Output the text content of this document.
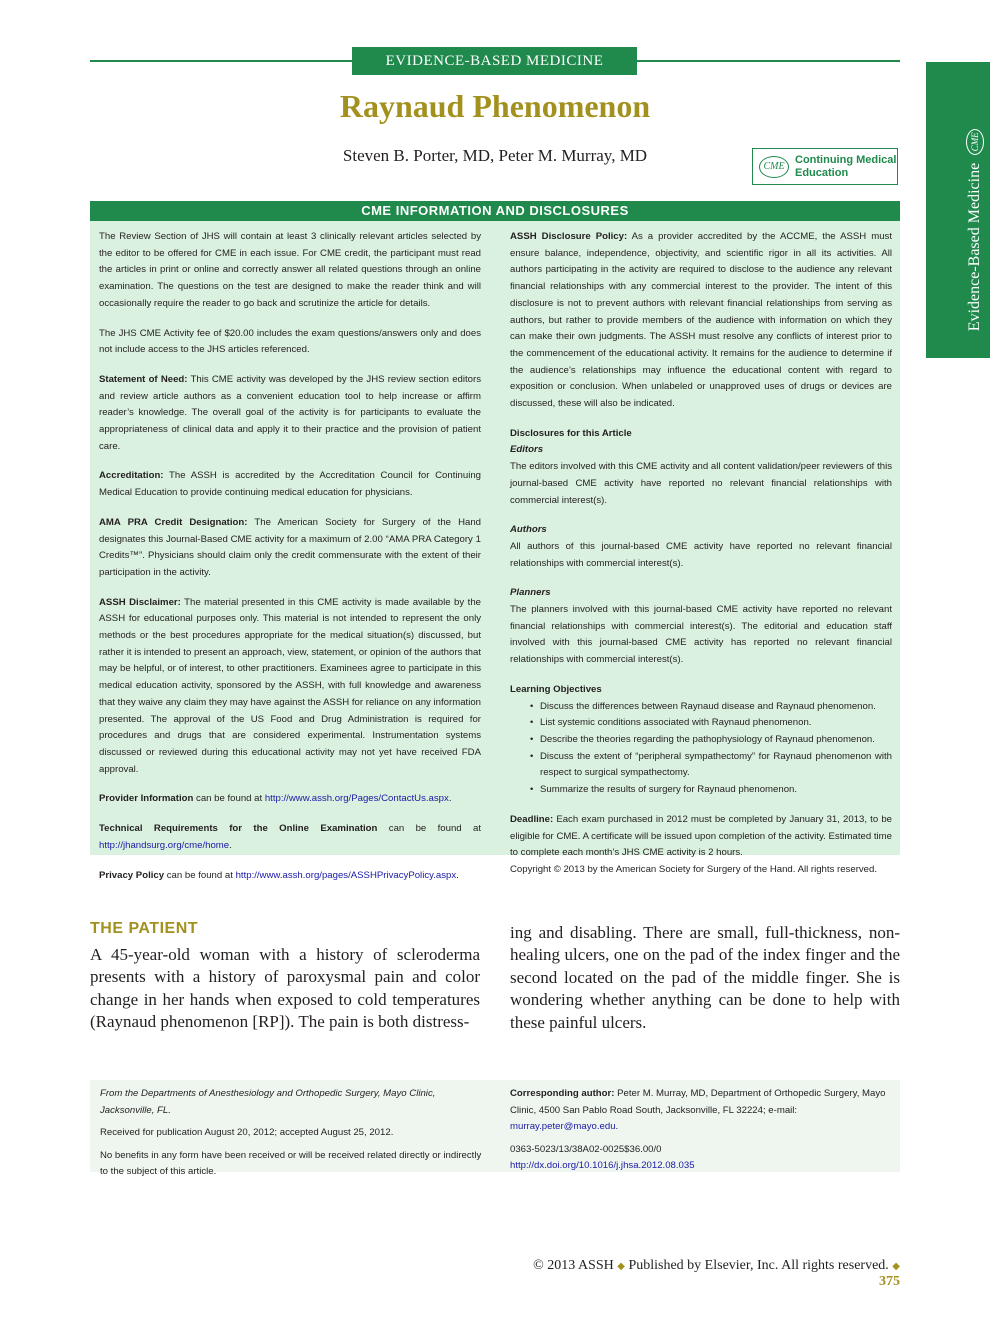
EVIDENCE-BASED MEDICINE
Evidence-Based Medicine
CME
Raynaud Phenomenon
Steven B. Porter, MD, Peter M. Murray, MD
CME
Continuing Medical
Education
CME INFORMATION AND DISCLOSURES

The Review Section of JHS will contain at least 3 clinically relevant articles selected by the editor to be offered for CME in each issue. For CME credit, the participant must read the articles in print or online and correctly answer all related questions through an online examination. The questions on the test are designed to make the reader think and will occasionally require the reader to go back and scrutinize the article for details.

The JHS CME Activity fee of $20.00 includes the exam questions/answers only and does not include access to the JHS articles referenced.

Statement of Need: This CME activity was developed by the JHS review section editors and review article authors as a convenient education tool to help increase or affirm reader’s knowledge. The overall goal of the activity is for participants to evaluate the appropriateness of clinical data and apply it to their practice and the provision of patient care.

Accreditation: The ASSH is accredited by the Accreditation Council for Continuing Medical Education to provide continuing medical education for physicians.

AMA PRA Credit Designation: The American Society for Surgery of the Hand designates this Journal-Based CME activity for a maximum of 2.00 “AMA PRA Category 1 Credits™”. Physicians should claim only the credit commensurate with the extent of their participation in the activity.

ASSH Disclaimer: The material presented in this CME activity is made available by the ASSH for educational purposes only. This material is not intended to represent the only methods or the best procedures appropriate for the medical situation(s) discussed, but rather it is intended to present an approach, view, statement, or opinion of the authors that may be helpful, or of interest, to other practitioners. Examinees agree to participate in this medical education activity, sponsored by the ASSH, with full knowledge and awareness that they waive any claim they may have against the ASSH for reliance on any information presented. The approval of the US Food and Drug Administration is required for procedures and drugs that are considered experimental. Instrumentation systems discussed or reviewed during this educational activity may not yet have received FDA approval.

Provider Information can be found at http://www.assh.org/Pages/ContactUs.aspx.

Technical Requirements for the Online Examination can be found at http://jhandsurg.org/cme/home.

Privacy Policy can be found at http://www.assh.org/pages/ASSHPrivacyPolicy.aspx.

ASSH Disclosure Policy: As a provider accredited by the ACCME, the ASSH must ensure balance, independence, objectivity, and scientific rigor in all its activities. All authors participating in the activity are required to disclose to the audience any relevant financial relationships with any commercial interest to the provider. The intent of this disclosure is not to prevent authors with relevant financial relationships from serving as authors, but rather to provide members of the audience with information on which they can make their own judgments. The ASSH must resolve any conflicts of interest prior to the commencement of the educational activity. It remains for the audience to determine if the audience’s relationships may influence the educational content with regard to exposition or conclusion. When unlabeled or unapproved uses of drugs or devices are discussed, these will also be indicated.

Disclosures for this Article
Editors

The editors involved with this CME activity and all content validation/peer reviewers of this journal-based CME activity have reported no relevant financial relationships with commercial interest(s).

Authors

All authors of this journal-based CME activity have reported no relevant financial relationships with commercial interest(s).

Planners

The planners involved with this journal-based CME activity have reported no relevant financial relationships with commercial interest(s). The editorial and education staff involved with this journal-based CME activity has reported no relevant financial relationships with commercial interest(s).

Learning Objectives
• Discuss the differences between Raynaud disease and Raynaud phenomenon.
• List systemic conditions associated with Raynaud phenomenon.
• Describe the theories regarding the pathophysiology of Raynaud phenomenon.
• Discuss the extent of “peripheral sympathectomy” for Raynaud phenomenon with respect to surgical sympathectomy.
• Summarize the results of surgery for Raynaud phenomenon.

Deadline: Each exam purchased in 2012 must be completed by January 31, 2013, to be eligible for CME. A certificate will be issued upon completion of the activity. Estimated time to complete each month’s JHS CME activity is 2 hours.

Copyright © 2013 by the American Society for Surgery of the Hand. All rights reserved.

THE PATIENT
A 45-year-old woman with a history of scleroderma presents with a history of paroxysmal pain and color change in her hands when exposed to cold temperatures (Raynaud phenomenon [RP]). The pain is both distress-
ing and disabling. There are small, full-thickness, non-healing ulcers, one on the pad of the index finger and the second located on the pad of the middle finger. She is wondering whether anything can be done to help with these painful ulcers.

From the Departments of Anesthesiology and Orthopedic Surgery, Mayo Clinic, Jacksonville, FL.

Received for publication August 20, 2012; accepted August 25, 2012.

No benefits in any form have been received or will be received related directly or indirectly to the subject of this article.

Corresponding author: Peter M. Murray, MD, Department of Orthopedic Surgery, Mayo Clinic, 4500 San Pablo Road South, Jacksonville, FL 32224; e-mail: murray.peter@mayo.edu.

0363-5023/13/38A02-0025$36.00/0
http://dx.doi.org/10.1016/j.jhsa.2012.08.035
© 2013 ASSH ◆ Published by Elsevier, Inc. All rights reserved. ◆ 375
